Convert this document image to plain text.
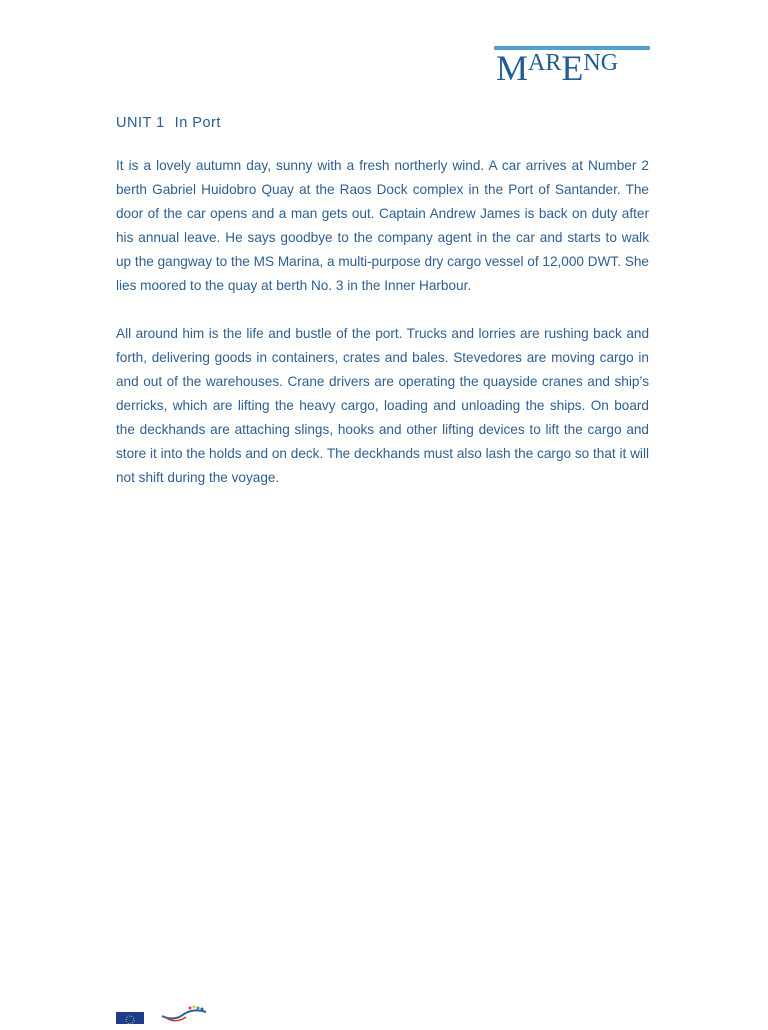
MARENG
UNIT 1 In Port

It is a lovely autumn day, sunny with a fresh northerly wind. A car arrives at Number 2 berth Gabriel Huidobro Quay at the Raos Dock complex in the Port of Santander. The door of the car opens and a man gets out. Captain Andrew James is back on duty after his annual leave. He says goodbye to the company agent in the car and starts to walk up the gangway to the MS Marina, a multi-purpose dry cargo vessel of 12,000 DWT. She lies moored to the quay at berth No. 3 in the Inner Harbour.

All around him is the life and bustle of the port. Trucks and lorries are rushing back and forth, delivering goods in containers, crates and bales. Stevedores are moving cargo in and out of the warehouses. Crane drivers are operating the quayside cranes and ship’s derricks, which are lifting the heavy cargo, loading and unloading the ships. On board the deckhands are attaching slings, hooks and other lifting devices to lift the cargo and store it into the holds and on deck. The deckhands must also lash the cargo so that it will not shift during the voyage.
